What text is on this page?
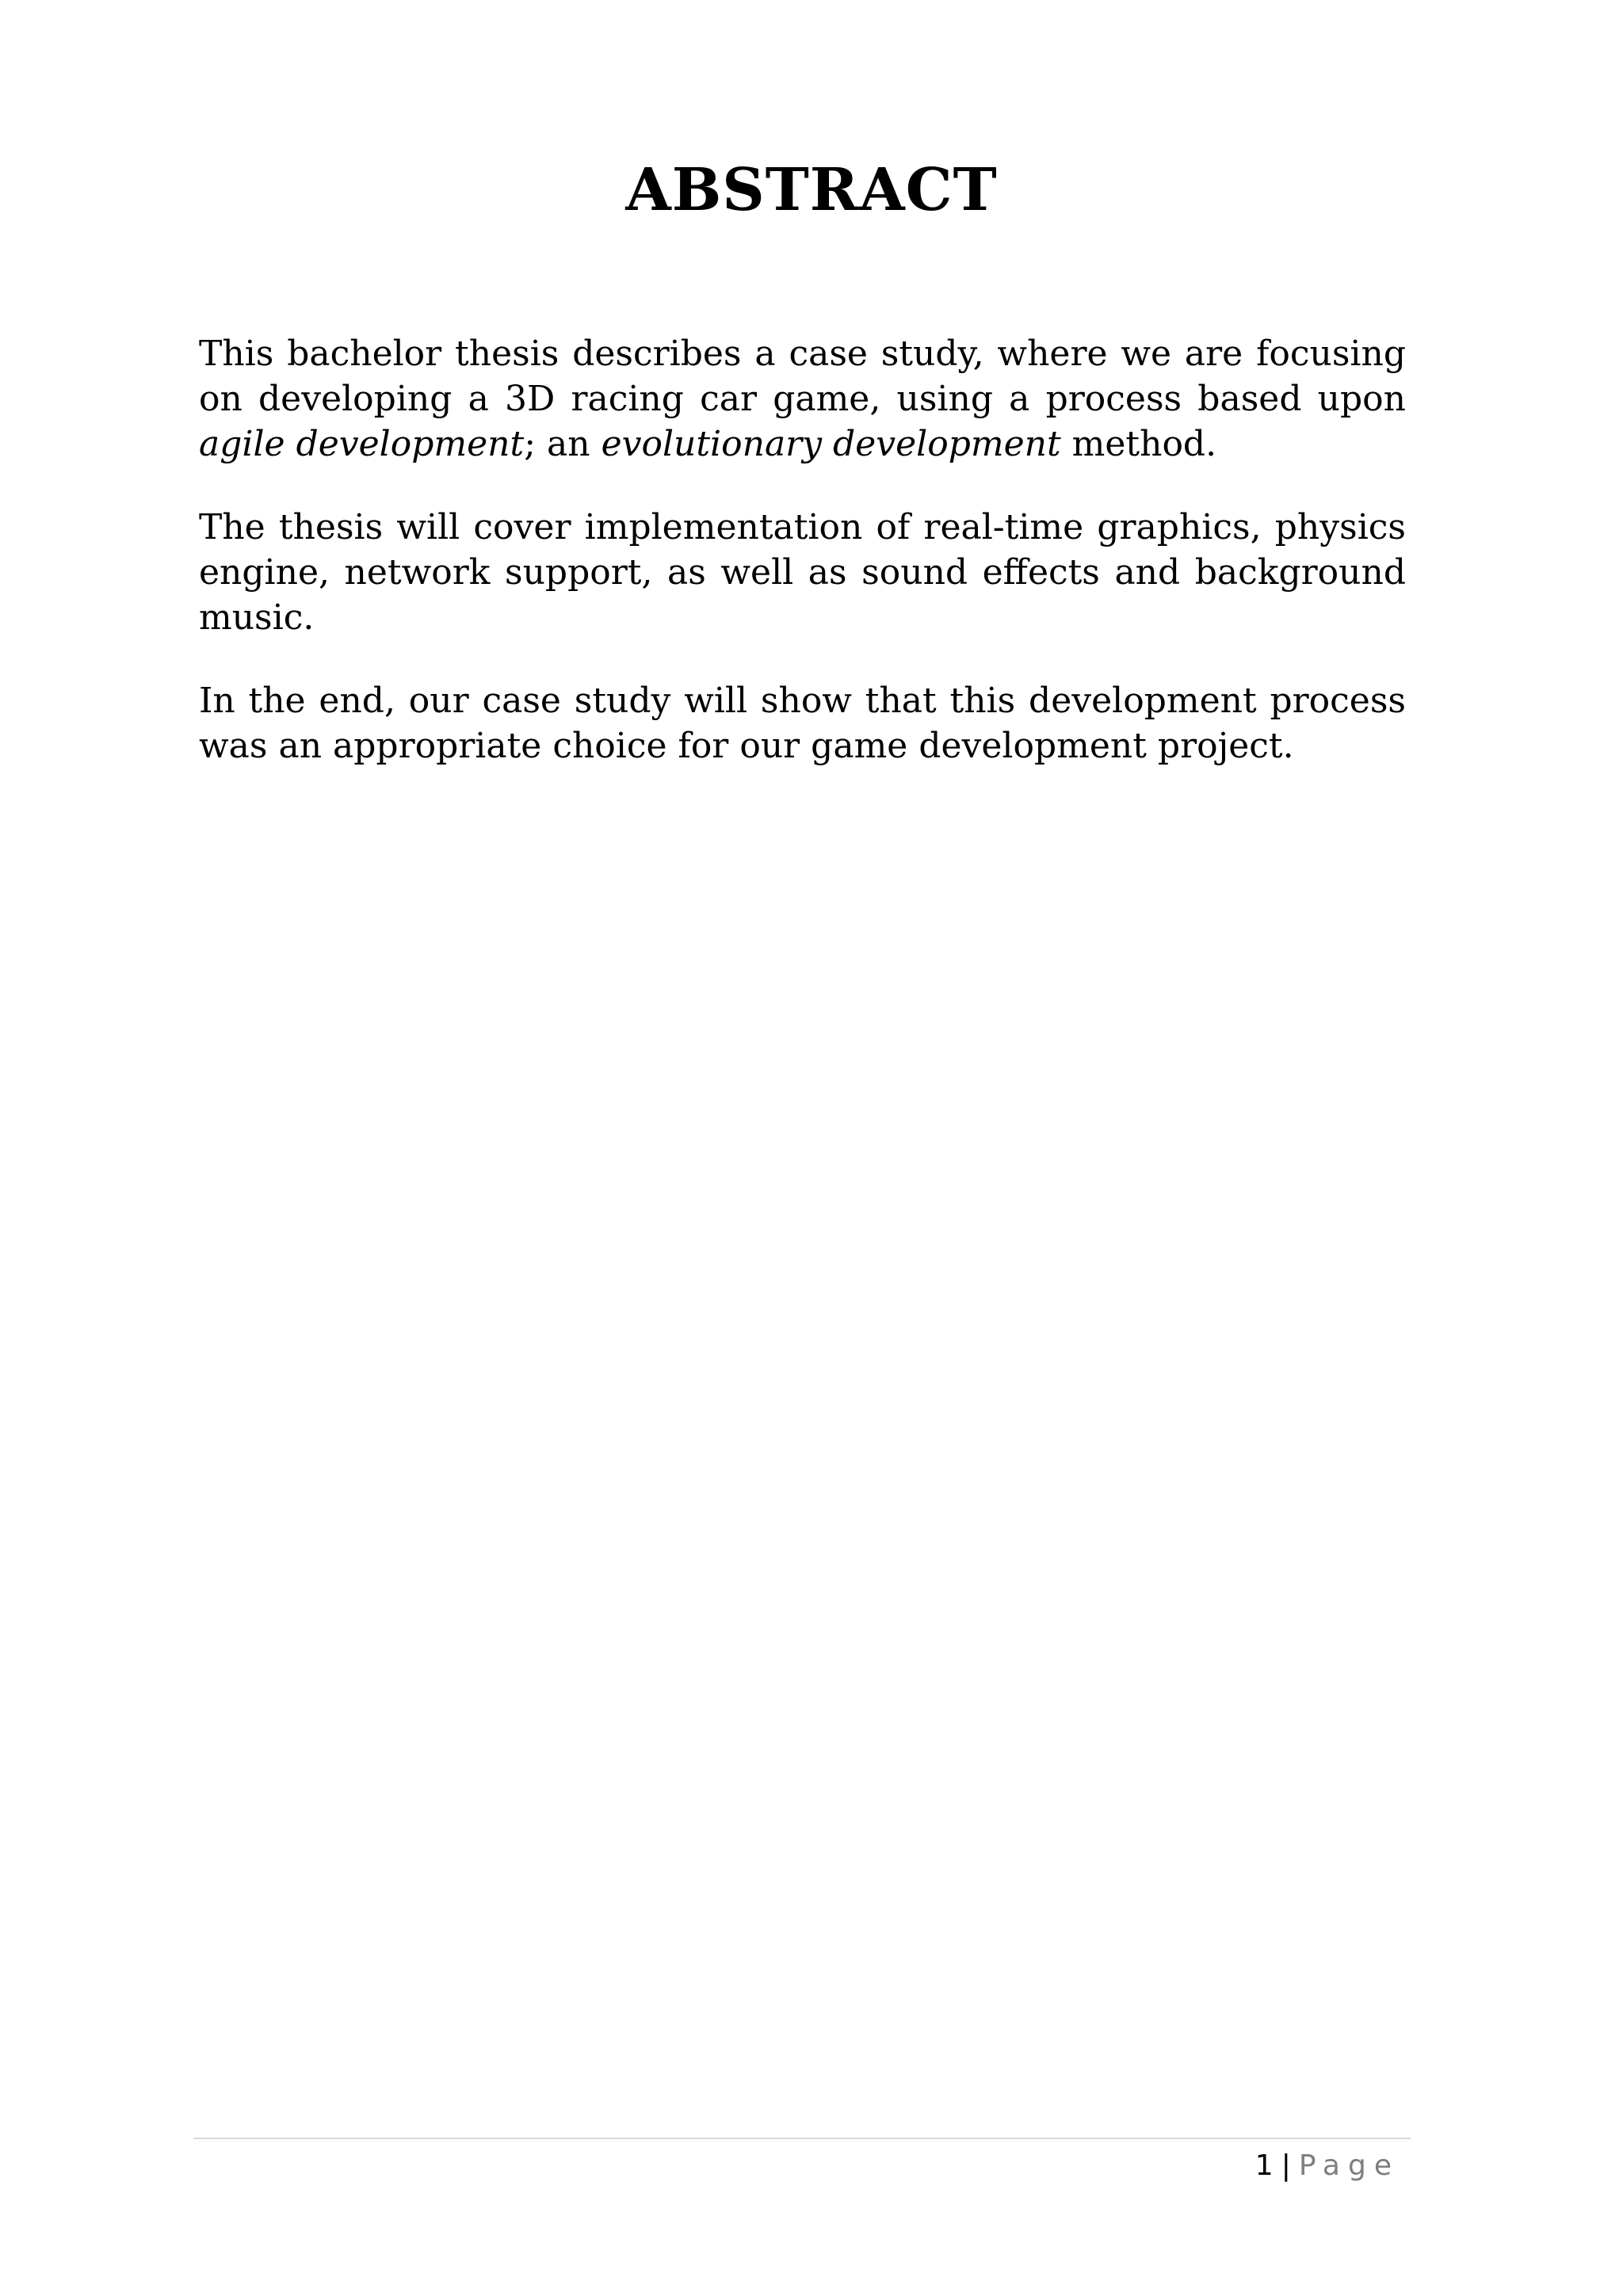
ABSTRACT

This bachelor thesis describes a case study, where we are focusing on developing a 3D racing car game, using a process based upon agile development; an evolutionary development method.

The thesis will cover implementation of real-time graphics, physics engine, network support, as well as sound effects and background music.

In the end, our case study will show that this development process was an appropriate choice for our game development project.

1 | Page
